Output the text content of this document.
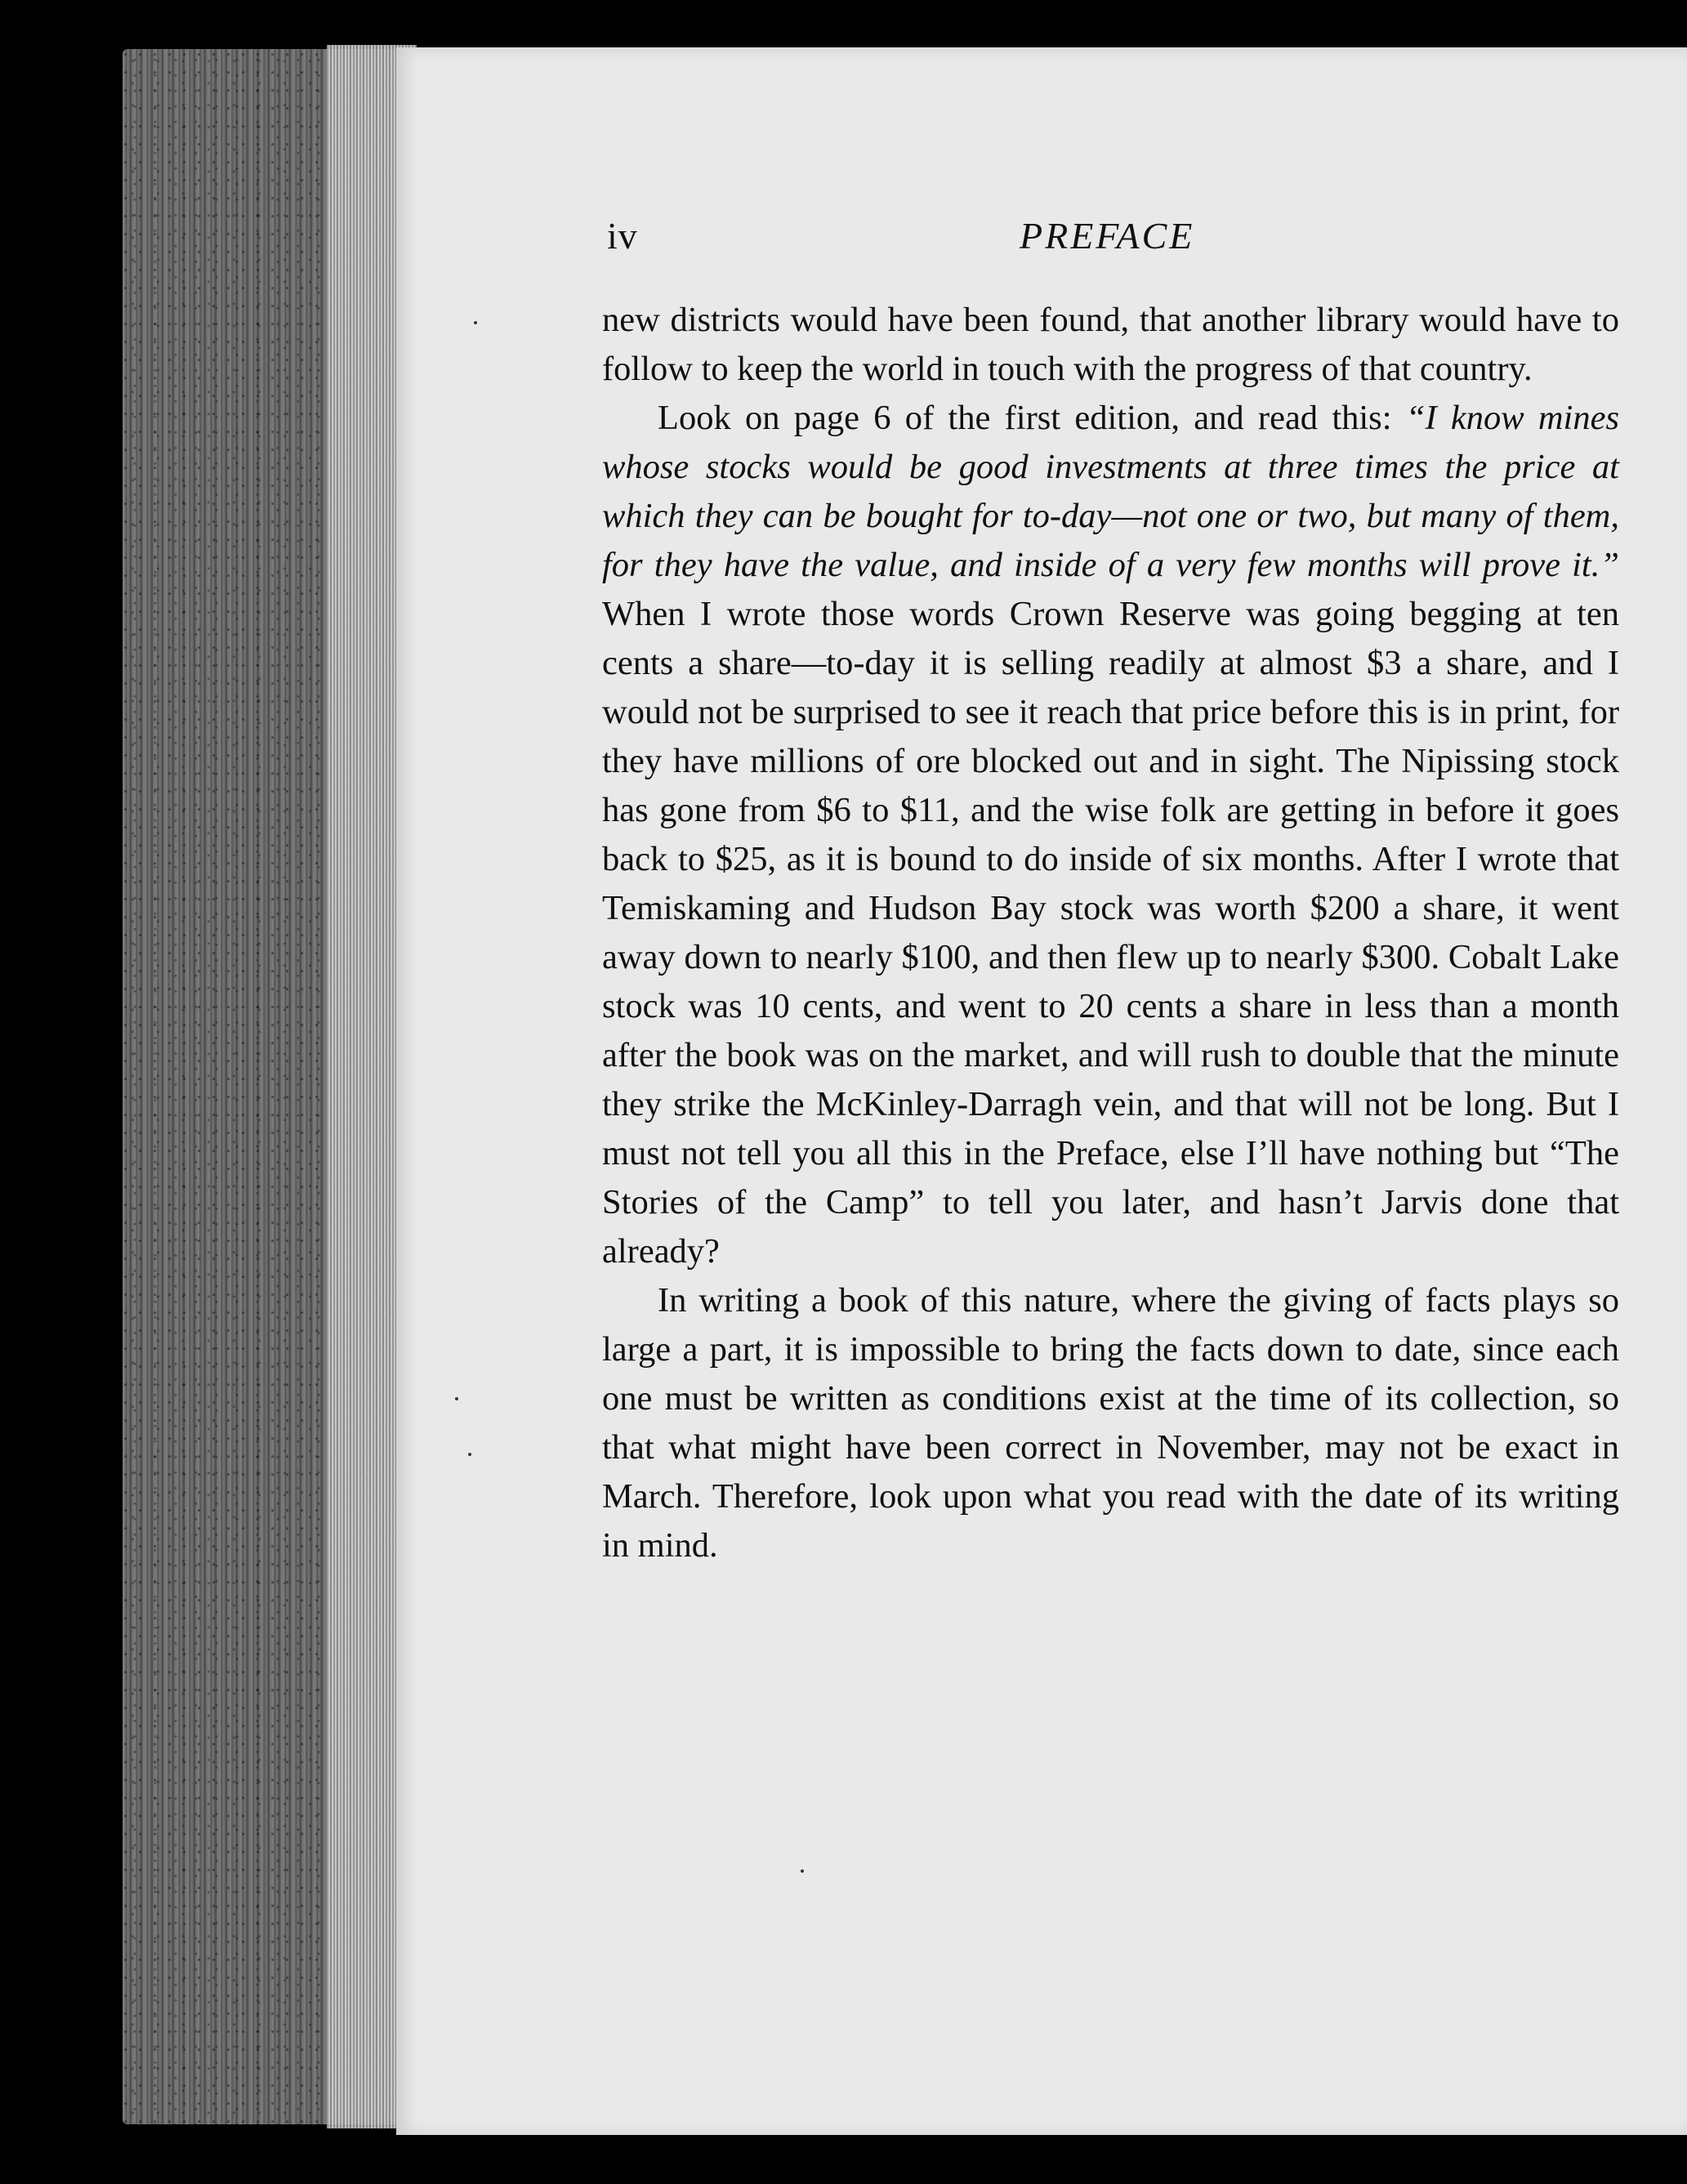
iv	PREFACE

new districts would have been found, that another library would have to follow to keep the world in touch with the progress of that country.

Look on page 6 of the first edition, and read this: “I know mines whose stocks would be good investments at three times the price at which they can be bought for to-day—not one or two, but many of them, for they have the value, and inside of a very few months will prove it.” When I wrote those words Crown Reserve was going begging at ten cents a share—to-day it is selling readily at almost $3 a share, and I would not be surprised to see it reach that price before this is in print, for they have millions of ore blocked out and in sight. The Nipissing stock has gone from $6 to $11, and the wise folk are getting in before it goes back to $25, as it is bound to do inside of six months. After I wrote that Temiskaming and Hudson Bay stock was worth $200 a share, it went away down to nearly $100, and then flew up to nearly $300. Cobalt Lake stock was 10 cents, and went to 20 cents a share in less than a month after the book was on the market, and will rush to double that the minute they strike the McKinley-Darragh vein, and that will not be long. But I must not tell you all this in the Preface, else I’ll have nothing but “The Stories of the Camp” to tell you later, and hasn’t Jarvis done that already?

In writing a book of this nature, where the giving of facts plays so large a part, it is impossible to bring the facts down to date, since each one must be written as conditions exist at the time of its collection, so that what might have been correct in November, may not be exact in March. Therefore, look upon what you read with the date of its writing in mind.
